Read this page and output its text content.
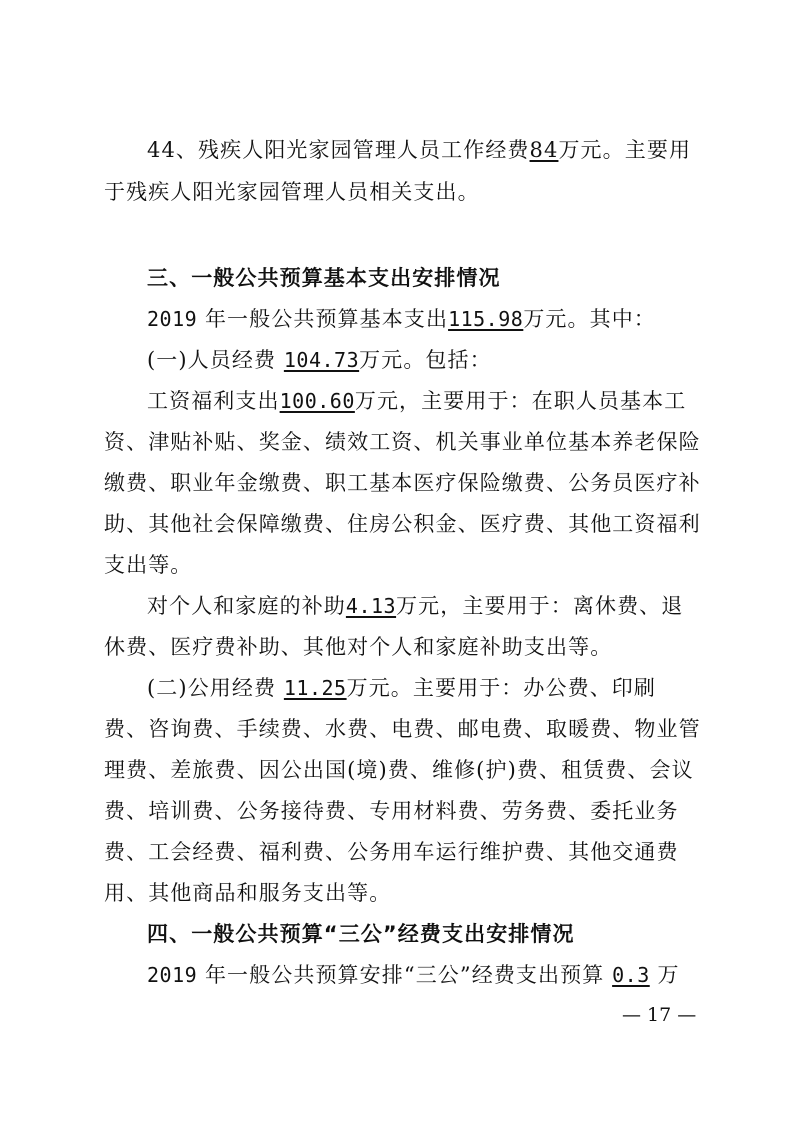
44、残疾人阳光家园管理人员工作经费84万元。主要用
于残疾人阳光家园管理人员相关支出。
三、一般公共预算基本支出安排情况
2019 年一般公共预算基本支出115.98万元。其中：
(一)人员经费 104.73万元。包括：
工资福利支出100.60万元，主要用于：在职人员基本工
资、津贴补贴、奖金、绩效工资、机关事业单位基本养老保险
缴费、职业年金缴费、职工基本医疗保险缴费、公务员医疗补
助、其他社会保障缴费、住房公积金、医疗费、其他工资福利
支出等。
对个人和家庭的补助4.13万元，主要用于：离休费、退
休费、医疗费补助、其他对个人和家庭补助支出等。
(二)公用经费 11.25万元。主要用于：办公费、印刷
费、咨询费、手续费、水费、电费、邮电费、取暖费、物业管
理费、差旅费、因公出国(境)费、维修(护)费、租赁费、会议
费、培训费、公务接待费、专用材料费、劳务费、委托业务
费、工会经费、福利费、公务用车运行维护费、其他交通费
用、其他商品和服务支出等。
四、一般公共预算“三公”经费支出安排情况
2019 年一般公共预算安排“三公”经费支出预算 0.3 万
— 17 —
